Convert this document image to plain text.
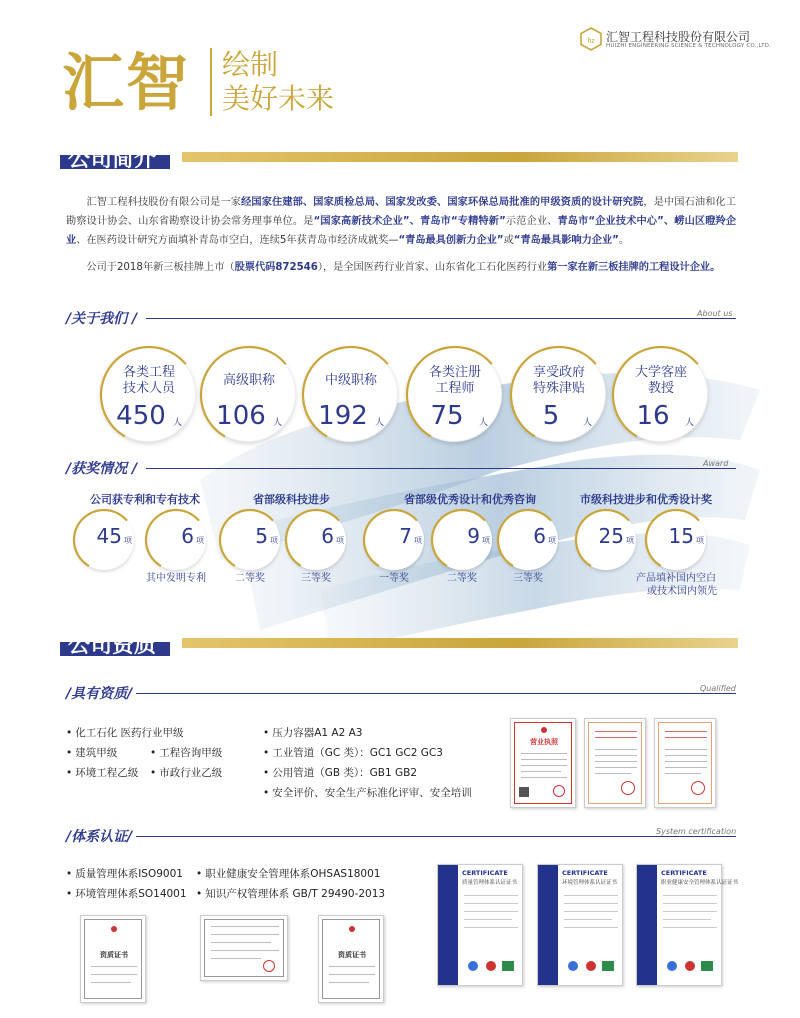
hz 汇智工程科技股份有限公司
HUIZHI ENGINEERING SCIENCE & TECHNOLOGY CO.,LTD.
汇智 绘制
美好未来
公司简介
汇智工程科技股份有限公司是一家经国家住建部、国家质检总局、国家发改委、国家环保总局批准的甲级资质的设计研究院，是中国石油和化工勘察设计协会、山东省勘察设计协会常务理事单位。是“国家高新技术企业”、青岛市“专精特新”示范企业、青岛市“企业技术中心”、崂山区瞪羚企业、在医药设计研究方面填补青岛市空白，连续5年获青岛市经济成就奖—“青岛最具创新力企业”或“青岛最具影响力企业”。
公司于2018年新三板挂牌上市（股票代码872546），是全国医药行业首家、山东省化工石化医药行业第一家在新三板挂牌的工程设计企业。
/关于我们 /	About us
各类工程
技术人员
450 人
高级职称
106 人
中级职称
192 人
各类注册
工程师
75	人
享受政府
特殊津贴
5	人
大学客座
教授
16	人
/获奖情况 /	Award
公司获专利和专有技术	省部级科技进步	省部级优秀设计和优秀咨询	市级科技进步和优秀设计奖
45 项	6 项
其中发明专利
5 项
二等奖
6 项
三等奖
7 项
一等奖
9 项
二等奖
6 项
三等奖
25 项	15 项
产品填补国内空白
或技术国内领先
公司资质
/具有资质/	Qualified
• 化工石化 医药行业甲级
• 建筑甲级
• 环境工程乙级
• 工程咨询甲级
• 市政行业乙级
• 压力容器A1 A2 A3
• 工业管道（GC 类）：GC1 GC2 GC3
• 公用管道（GB 类）：GB1 GB2
• 安全评价、安全生产标准化评审、安全培训
营业执照
/体系认证/	System certification
• 质量管理体系ISO9001
• 环境管理体系SO14001
• 职业健康安全管理体系OHSAS18001
• 知识产权管理体系 GB/T 29490-2013
资质证书	资质证书
CERTIFICATE
质量管理体系认证证书
CERTIFICATE
环境管理体系认证证书
CERTIFICATE
职业健康安全管理体系认证证书
